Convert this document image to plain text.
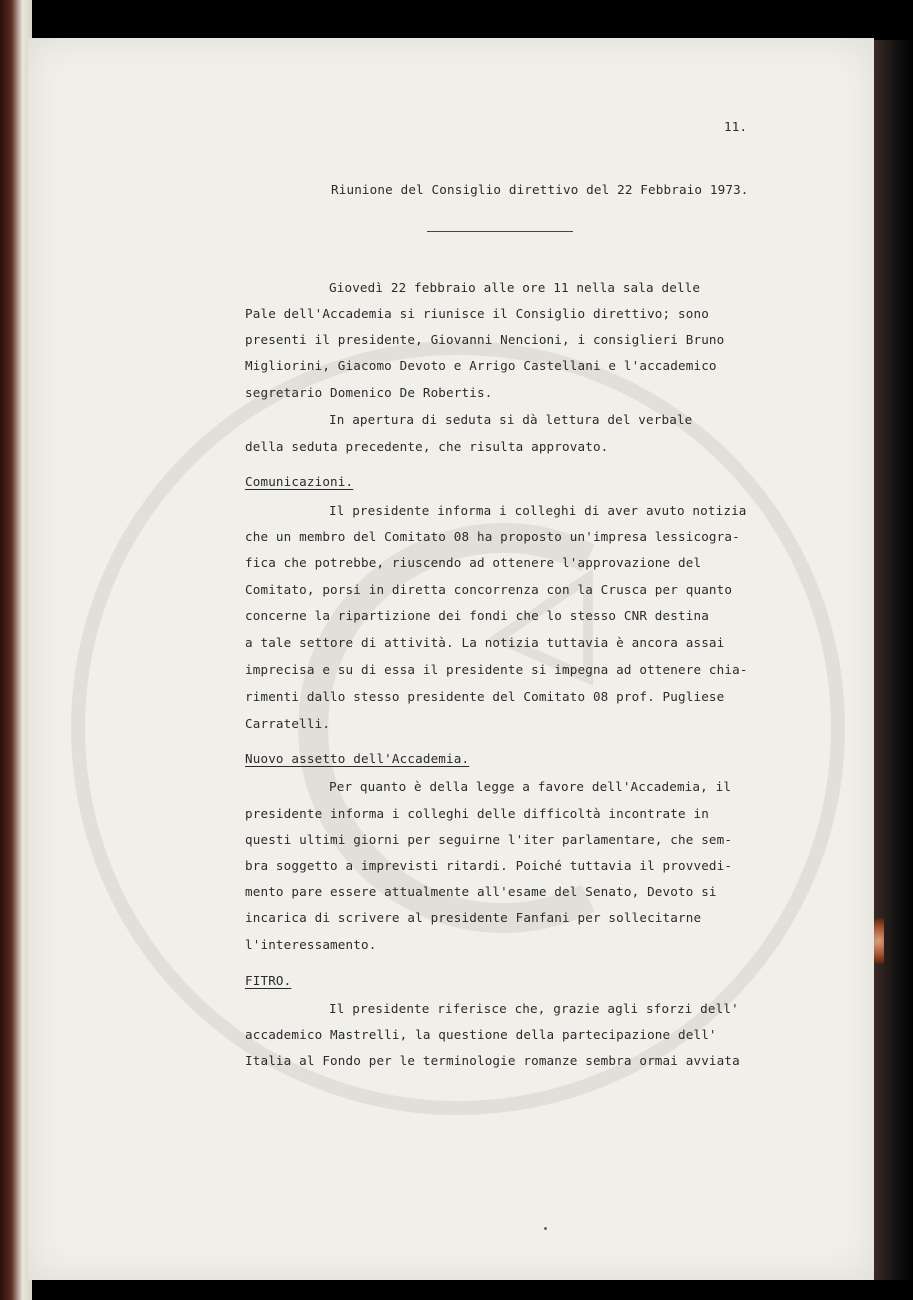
11.
Riunione del Consiglio direttivo del 22 Febbraio 1973.
Giovedì 22 febbraio alle ore 11 nella sala delle
Pale dell'Accademia si riunisce il Consiglio direttivo; sono
presenti il presidente, Giovanni Nencioni, i consiglieri Bruno
Migliorini, Giacomo Devoto e Arrigo Castellani e l'accademico
segretario Domenico De Robertis.
In apertura di seduta si dà lettura del verbale
della seduta precedente, che risulta approvato.
Comunicazioni.
Il presidente informa i colleghi di aver avuto notizia
che un membro del Comitato 08 ha proposto un'impresa lessicogra-
fica che potrebbe, riuscendo ad ottenere l'approvazione del
Comitato, porsi in diretta concorrenza con la Crusca per quanto
concerne la ripartizione dei fondi che lo stesso CNR destina
a tale settore di attività. La notizia tuttavia è ancora assai
imprecisa e su di essa il presidente si impegna ad ottenere chia-
rimenti dallo stesso presidente del Comitato 08 prof. Pugliese
Carratelli.
Nuovo assetto dell'Accademia.
Per quanto è della legge a favore dell'Accademia, il
presidente informa i colleghi delle difficoltà incontrate in
questi ultimi giorni per seguirne l'iter parlamentare, che sem-
bra soggetto a imprevisti ritardi. Poiché tuttavia il provvedi-
mento pare essere attualmente all'esame del Senato, Devoto si
incarica di scrivere al presidente Fanfani per sollecitarne
l'interessamento.
FITRO.
Il presidente riferisce che, grazie agli sforzi dell'
accademico Mastrelli, la questione della partecipazione dell'
Italia al Fondo per le terminologie romanze sembra ormai avviata
